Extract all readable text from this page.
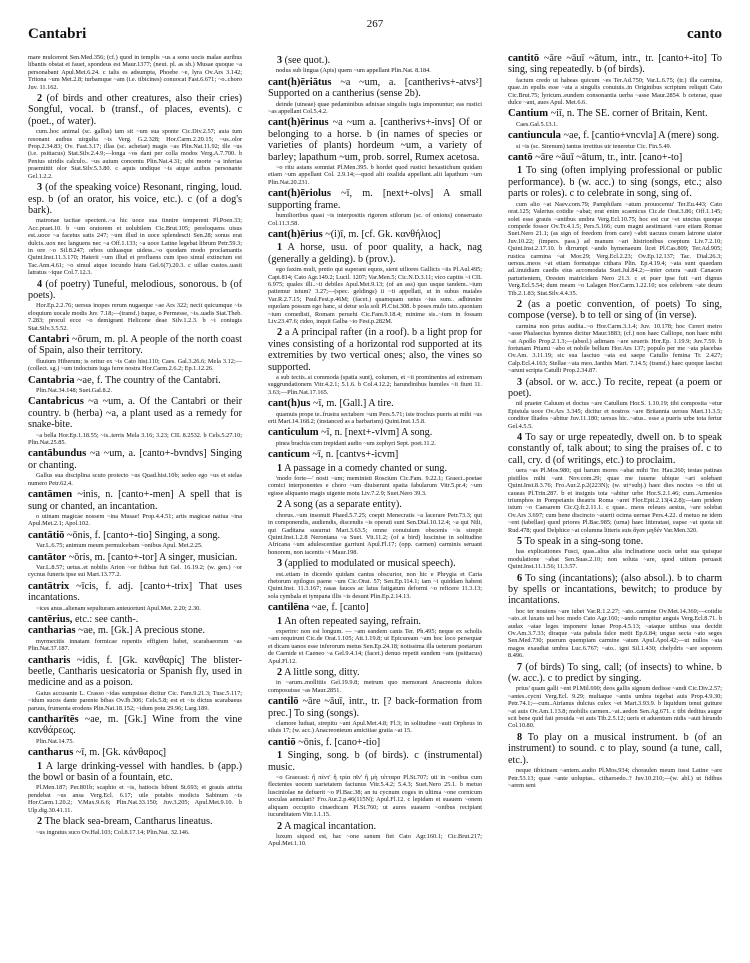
Cantabri
267
canto

mare mulcerent Sen.Med.356; (cf.) quod in templis ~us a sono uocis malae auribus libantis obstat et fauet, spondeus est Maur.1377; (neut. pl. as sb.) Musae quoque ~a personabant Apul.Met.6.24. c talis es adsumpta, Phoebe ~e, lyra Ov.Ars 3.142; Tritona ~um Met.2.8; turbamque ~am (i.e. tibicines) conuocat Fast.6.671; ~o..choro Juv. 11.162.

2 (of birds and other creatures, also their cries) Songful, vocal. b (transf., of places, events). c (poet., of water).

cum..hoc animal (sc. gallus) tam sit ~um sua sponte Cic.Div.2.57; auia tum resonant auibus uirgulta ~is Verg. G.2.328; Hor.Carm.2.20.15; ~us..olor Prop.2.34.83; Ov. Fast.3.17; illas (sc. achetae) magis ~as Plin.Nat.11.92; ille ~us (i.e. psittacus) Stat.Silv.2.4.9;—longa ~os dant per colla modos Verg.A.7.700. b Penius uiridis calculo.. ~us auium concentu Plin.Nat.4.31; sibi morte ~a inferias praemittit olor Stat.Silv.5.3.80. c aquis undique ~is atque auibus personante Gel.1.2.2.

3 (of the speaking voice) Resonant, ringing, loud. esp. b (of an orator, his voice, etc.). c (of a dog's bark).

matronae tacitae spectent..~a hic uoce sua tinnire temperent Pl.Poen.33; Acc.praet.10. b ~um oratorem et uolubilem Cic.Brut.105; perelоquens uisus est..uoce ~a facetus satis 247; ~um illud in uoce splendescit Sen.28; sonus erat dulcis..uox nec languens nec ~a Off.1.133; ~a uoce Latine legebat librum Petr.59.3; in ore ~o Sil.8.247; orbos uiduasque uidess..~o quodam modo proclamantis Quint.Inst.11.3.170; Haterii ~um illud et profluens cum ipso simul extinctum est Tac.Ann.4.61; ~o simul atque iocundo hiatu Gel.6(7).20.3. c uillae custos..uasti latratus ~ique Col.7.12.3.

4 (of poetry) Tuneful, melodious, sonorous. b (of poets).

Hor.Ep.2.2.76; uersus inopes rerum nugaeque ~ae Ars 322; necit quicumque ~is eloquium uocale modis Juv. 7.18;—(transf.) tuque, o Permesse, ~is..uadis Stat.Theb. 7.283; procul ecce ~o demigrant Helicone deae Silv.1.2.3. b ~i coniugis Stat.Silv.3.5.52.

Cantabri ~ōrum, m. pl. A people of the north coast of Spain, also their territory.

fluuium Hiberum; is oritur ex ~is Cato hist.110; Caes. Gal.3.26.6; Mela 3.12;—(collect. sg.) ~um indoctum iuga ferre nostra Hor.Carm.2.6.2; Ep.1.12.26.

Cantabria ~ae, f. The country of the Cantabri.

Plin.Nat.34.148; Suet.Gal.8.2.

Cantabricus ~a ~um, a. Of the Cantabri or their country. b (herba) ~a, a plant used as a remedy for snake-bite.

~a bella Hor.Ep.1.18.55; ~is..terris Mela 3.16; 3.23; CIL 8.2532. b Cels.5.27.10; Plin.Nat.25.85.

cantābundus ~a ~um, a. [canto+-bvndvs] Singing or chanting.

Gallus sua disciplina scuto proiecto ~us Quad.hist.10b; sedeo ego ~us et stelas numero Petr.62.4.

cantāmen ~inis, n. [canto+-men] A spell that is sung or chanted, an incantation.

o utinam magicae nossem ~ina Musae! Prop.4.4.51; artis magicae natiua ~ina Apul.Met.2.1; Apol.102.

cantātiō ~ōnis, f. [canto+-tio] Singing, a song.

Var.L.6.75; animum meum permulcebam ~onibus Apul. Met.2.25.

cantātor ~ōris, m. [canto+-tor] A singer, musician.

Var.L.8.57; uetus..et nobilis Arion ~or fidibus fuit Gel. 16.19.2; (w. gen.) ~or cycnus funeris ipse sui Mart.13.77.2.

cantātrix ~īcis, f. adj. [canto+-trix] That uses incantations.

~ices anus..alienam sepulturam anteuortunt Apul.Met. 2.20; 2.30.

cantērius, etc.: see canth-.

cantharias ~ae, m. [Gk.] A precious stone.

myrmecitis innatam formicae repentis effigiem habet, scarabaeorum ~as Plin.Nat.37.187.

cantharis ~idis, f. [Gk. κανθαρίς] The blister-beetle, Cantharis uesicatoria or Spanish fly, used in medicine and as a poison.

Gaius accusante L. Crasso ~idas sumpsisse dicitur Cic. Fam.9.21.3; Tusc.5.117; ~idum sucos dante parente bibas Ov.Ib.306; Cels.5.8; est et ~is dictus scarabaeus paruus, frumenta erodens Plin.Nat.18.152; ~idum potu 29.96; Larg.189.

cantharītēs ~ae, m. [Gk.] Wine from the vine κανθάρεως.

Plin.Nat.14.75.

cantharus ~ī, m. [Gk. κάνθαρος]

1 A large drinking-vessel with handles. b (app.) the bowl or basin of a fountain, etc.

Pl.Men.187; Per.801b; scaphio et ~is, batiocis bibunt St.693; et grauis attrita pendebat ~us ansa Verg.Ecl. 6.17; uile potabis modicis Sabinum ~is Hor.Carm.1.20.2; V.Max.9.6.6; Plin.Nat.33.150; Juv.3.205; Apul.Met.9.10. b Ulp.dig.30.41.11.

2 The black sea-bream, Cantharus lineatus.

~us ingratus suco Ov.Hal.103; Col.8.17.14; Plin.Nat. 32.146.

3 (see quot.).

nodus sub lingua (Apis) quem ~um appellant Plin.Nat. 8.184.

cant(h)ēriātus ~a ~um, a. [cantherivs+-atvs²] Supported on a cantherius (sense 2b).

deinde (uineae) quae pedaminibus adnixae singulis iugis imponuntur; eas rustici ~as appellant Col.5.4.2.

cant(h)ērinus ~a ~um a. [cantherivs+-invs] Of or belonging to a horse. b (in names of species or varieties of plants) hordeum ~um, a variety of barley; lapathum ~um, prob. sorrel, Rumex acetosa.

~o ritu astans somniat Pl.Men.395. b hordei quod rustici hexastichum quidam etiam ~um appellant Col. 2.9.14;—quod alii oxalida appellant..alii lapathum ~um Plin.Nat.20.231.

cant(h)ēriolus ~ī, m. [next+-olvs] A small supporting frame.

humilioribus quasi ~is interpositis rigorem stilorum (sc. of onions) conseruato Col.11.3.58.

cant(h)ērius ~(i)ī, m. [cf. Gk. κανθήλιος]

1 A horse, usu. of poor quality, a hack, nag (generally a gelding). b (prov.).

ego faxim muli, pretio qui superant equos, sient uiliores Gallicis ~iis Pl.Aul.495; Capt.814; Cato Agr.149.2; Lucil. 1207; Var.Men.5; Cic.N.D.3.11; vico capitis ~i CIL 6.975; quales illi..~ii debiles Apul.Met.9.13; (of an ass) quo usque tandem..~ium patiemur istum? 3.27;—(spec. geldings) ii ~ii appellati, ut in subus maiales Var.R.2.7.15; Paul.Fest.p.46M; (facet.) quamquam uetus ~ius sum.. adhinnire equolam possum ego hanc, si detur sola soli Pl.Cist.308. b poses mulo isto..quoniam ~ium comedisti, Romam peruehi Cic.Fam.9.18.4; minime sis..~ium in fossam Liv.23.47.6; rideo, inquit Galba ~io Fest.p.282M.

2 a A principal rafter (in a roof). b a light prop for vines consisting of a horizontal rod supported at its extremities by two vertical ones; also, the vines so supported.

a sub tectis..si commoda (spatia sunt), columen, et ~ii prominentes ad extremam suggrundationem Vitr.4.2.1; 5.1.6. b Col.4.12.2; harundinibus humiles ~ii fiunt 11. 3.63;—Plin.Nat.17.165.

cant(h)us ~ī, m. [Gall.] A tire.

quamuis prope te..frustra sectabere ~um Pers.5.71; iste trochus pueris at mihi ~us erit Mart.14.168.2; (instanced as a barbarism) Quint.Inst.1.5.8.

canticulum ~ī, n. [next+-vlvm] A song.

pinea brachia cum trepidant audio ~um zephyri Sept. poet.11.2.

canticum ~ī, n. [cantvs+-icvm]

1 A passage in a comedy chanted or sung.

'modo forte—' nosti ~um; meministi Roscium Cic.Fam. 9.22.1; Graeci..poetae comici interponentes e choro ~um diuiserunt spatia fabularum Vitr.5.pr.4; ~um egisse aliquanto magis uigente motu Liv.7.2.9; Suet.Nero 39.3.

2 A song (as a separate entity).

chorus..~um insonuit Phaed.5.7.25; coepit Menecratis ~a lacerare Petr.73.3; qui in componendis, audiendis, discendis ~is operati sunt Sen.Dial.10.12.4; ~a qui Nili, qui Gaditana susurrat Mart.3.63.5; omne conuiuium obscenis ~is strepit Quint.Inst.1.2.8 Neroniana ~a Suet. Vit.11.2; (of a bird) luscinise in solitudine Africana ~um adulescentiae garriunt Apul.Fl.17; (opp. carmen) carminis seruant honorem, non iacentis ~i Maur.198.

3 (applied to modulated or musical speech).

est..etiam in dicendo quidam cantus obscurior, non hic e Phrygia et Caria rhetorum epilogus paene ~um Cic.Orat. 57; Sen.Ep.114.1; iam ~i quiddam habent Quint.Inst. 11.3.167; rasas fauces ac latus fatigatum deformi ~o reficere 11.3.13; sola cymbala et tympana illis ~is desunt Plin.Ep.2.14.13.

cantilēna ~ae, f. [canto]

1 An often repeated saying, refrain.

experire: non est longum. — ~am eandem canis Ter. Ph.495; neque ex scholis ~am requirunt Cic.de Orat.1.105; Att.1.19.8; ut Epicuream ~am hoc loco persequar et dicam uanos esse inferorum metus Sen.Ep.24.18; notissima illa ueterum poetarum de Caenide et Caeneo ~a Gel.9.4.14; (facet.) denuo repetit eandem ~am (psittacus) Apul.Fl.12.

2 A little song, ditty.

in ~arum..mollitiis Gel.19.9.8; metrum quo memorant Anacreonta dulces composuisse ~as Maur.2851.

cantilō ~āre ~āuī, intr., tr. [? back-formation from prec.] To sing (songs).

clamore luduat, strepitu ~ant Apul.Met.4.8; Fl.3; in solitudine ~auit Orpheus in siluis 17; (w. acc.) Anacreonteum amicitiae gratia ~at 15.

cantiō ~ōnis, f. [cano+-tio]

1 Singing, song. b (of birds). c (instrumental) music.

~o Graecast: ἢ πέντ' ἢ τρία πῖν' ἢ μὴ τέτταρα Pl.St.707; uti in ~onibus cum flectentes uocem uarietatem faciunus Vitr.5.4.2; 5.4.3; Suet.Nero 25.1. b metuo lusciniolae ne defuerit ~o Pl.Bac.38; an tu cycnum coges in ultima ~one cornicum uoculas aemulari? Fro.Aur.2.p.46(115N); Apul.Fl.12. c lepidam et suauem ~onem aliquam occupito cinaedicam Pl.St.760; ut aures suauem ~onibus recipiant iucunditatem Vitr.1.1.15.

2 A magical incantation.

luxum siquod est, hac ~one sanum fiet Cato Agr.160.1; Cic.Brut.217; Apul.Met.1.10.

cantitō ~āre ~āuī ~ātum, intr., tr. [canto+-ito] To sing, sing repeatedly. b (of birds).

factum credo ut habeas quicum ~es Ter.Ad.750; Var.L.6.75; (tr.) illa carmina, quae..in epulis esse ~ata a singulis conuiuis..in Originibus scriptum reliquit Cato Cic.Brut.75; lyricum..eundem consonantia uerba ~asse Maur.2854. b ceterae, quae dulce ~ant, aues Apul. Met.6.6.

Cantium ~iī, n. The SE. corner of Britain, Kent.

Caes.Gal.5.13.1.

cantiuncula ~ae, f. [cantio+vncvla] A (mere) song.

si ~is (sc. Sirenum) tantus irretitus uir teneretur Cic. Fin.5.49.

cantō ~āre ~āuī ~ātum, tr., intr. [cano+-to]

1 To sing (often implying professional or public performance). b (w. acc.) to sing (songs, etc.; also parts or roles). c to celebrate in song, sing of.

cum alio ~at Naev.com.79; Pamphilam ~atum prouocemu' Ter.Eu.443; Cato orat.125; Valerius cotidie ~abat; erat enim scaenicus Cic.de Orat.3.86; Off.1.145; solet esse grauis ~antibus umbra Verg.Ecl.10.75; hoc est cur ~et uinctus quoque compede fossor Ov.Tr.4.1.5; Pers.5.166; cum magni aestimaret ~are etiam Romae Suet.Nero 21.1; (as sign of freedom from care) ~abit uacuus coram latrone uiator Juv.10.22; (impers. pass.) ad manum ~ari histrionibus coeptum Liv.7.2.10; Quint.Inst.2.17.10. b dirrumpi ~ando hymenaeum licet Pl.Cas.809; Ter.Ad.905; rustica carmina ~at Mor.29; Verg.Ecl.2.23; Ov.Ep.12.137; Tac. Dial.26.3; uersus..meos ~at etiam formatque cithara Plin. Ep.4.19.4; ~ata sunt quaedam ad..inuidiam caedis eius accomodata Suet.Jul.84.2;—inter cetera ~auit Canacen parturientem, Oresten matricidam Nero 21.3. c et puer ipse fuit ~ari dignus Verg.Ecl.5.54; dum meam ~o Lalagen Hor.Carm.1.22.10; uos celebrem ~ate deum Tib.2.1.83; Stat.Silv.4.4.35.

2 (as a poetic convention, of poets) To sing, compose (verse). b to tell or sing of (in verse).

carmina non prius audita..~o Hor.Carm.3.1.4; Juv. 10.178; hoc Cereri metro ~asse Phalaecius hymnos dicitur Maur.1883; (cf.) non haec Calliope, non haec mihi ~at Apollo Prop.2.1.3;—(absol.) adimam ~are seueris Hor.Ep. 1.19.9; Juv.7.59. b fortunam Priami ~abo et nobile bellum Hor.Ars 137; populo per me ~ata placebas Ov.Am. 3.11.19; sic sua lasciuo ~ata est saepe Catullo femina Tr. 2.427; Calp.Ecl.4.163; Stellae ~ata meo..Ianthis Mart. 7.14.5; (transf.) haec quoque lasciui ~arunt scripta Catulli Prop.2.34.87.

3 (absol. or w. acc.) To recite, repeat (a poem or poet).

nil praeter Caluum et doctus ~are Catullum Hor.S. 1.10.19; tibi composita ~etur Epistula uoce Ov.Ars 3.345; dicitur et nostros ~are Britannia uersus Mart.11.3.5; conditor Iliados ~abitur Juv.11.180; uersus hic..~atus.. esse a pueris urbe tota fertur Gel.4.5.5.

4 To say or urge repeatedly, dwell on. b to speak constantly of, talk about; to sing the praises of. c to call, cry. d (of writings, etc.) to proclaim.

uera ~as Pl.Mos.980; qui harum mores ~abat mihi Ter. Hau.260; testas patinas pistillos mihi ~ant Nov.com.29; quae me iuuene ubique ~ari solebant Quint.Inst.8.3.76; Fro.Aur.2.p.2(223N); (w. ut+subj.) haec dies noctes ~o tibi ut caueas Pl.Trin.287. b et insignis tota ~abitur urbe Hor.S.2.1.46; cum..Armenios triumphos in Pompeianis theatris Roma ~aret Flor.Epit.2.13(4.2.8);—iam pridem istum ~o Caesarem Cic.Q.fr.2.11.1. c quae.. meos releues aestus, ~are solebat Ov.Ars 3.697; cum bene discincto ~auerit ocima uernae Pers.4.22. d metuo ne idem ~ent (tabellae) quod priores Pl.Bac.985; (urna) haec litteratast, eapse ~at quoia sit Rud.478; quod Delphice ~at columna litteris suis ἄγαν μηδέν Var.Men.320.

5 To speak in a sing-song tone.

has explicationes Fusci, quas..alius alia inclinatione uocis uelut sua quisque modulatione ~abat Sen.Suas.2.10; non soluta ~are, quod uitium peruasit Quint.Inst.11.1.56; 11.3.57.

6 To sing (incantations); (also absol.). b to charm by spells or incantations, bewitch; to produce by incantations.

hoc ter nouiens ~are iubet Var.R.1.2.27; ~ato..carmine Ov.Met.14.369;—cotidie ~ato..et luxato uel hoc modo Cato Agr.160; ~ando rumpitur anguis Verg.Ecl.8.71. b audax ~atae leges imponere lunae Prop.4.5.13; ~ataque uitibus uua decidit Ov.Am.3.7.33; diraque ~ata pabula falce metit Ep.6.84; ungue secta ~ato seges Sen.Med.730; puerum quempiam carmine ~atum Apul.Apol.42;—ut nullos ~ata magos exaudiat umbra Luc.6.767; ~ato.. igni Sil.1.430; chelydris ~are soporem 8.496.

7 (of birds) To sing, call; (of insects) to whine. b (w. acc.). c to predict by singing.

prius' quam galli ~ent Pl.Mil.690; deos gallis signum dedisse ~andi Cic.Div.2.57; ~antes..cycni Verg.Ecl. 9.29; multaque ~antis umbra tegebat auis Prop.4.9.30; Petr.74.1;—cum..Atrianus dulcius culex ~et Mart.3.93.9. b liquidum tenui gutture ~at auis Ov.Am.1.13.8; mobilis carmen..~at..aedon Sen.Ag.671. c tibi deditus augur scit bene quid fati prouida ~et auis Tib.2.5.12; ueris et aduentum nidis ~auit hirundo Col.10.80.

8 To play on a musical instrument. b (of an instrument) to sound. c to play, sound (a tune, call, etc.).

neque tibicinam ~antem..audio Pl.Mos.934; choraulen meum iussi Latine ~are Petr.53.13; quae ~ante uoluptas.. citharoedo..? Juv.10.210;—(w. abl.) ut fidibus ~arem seni
